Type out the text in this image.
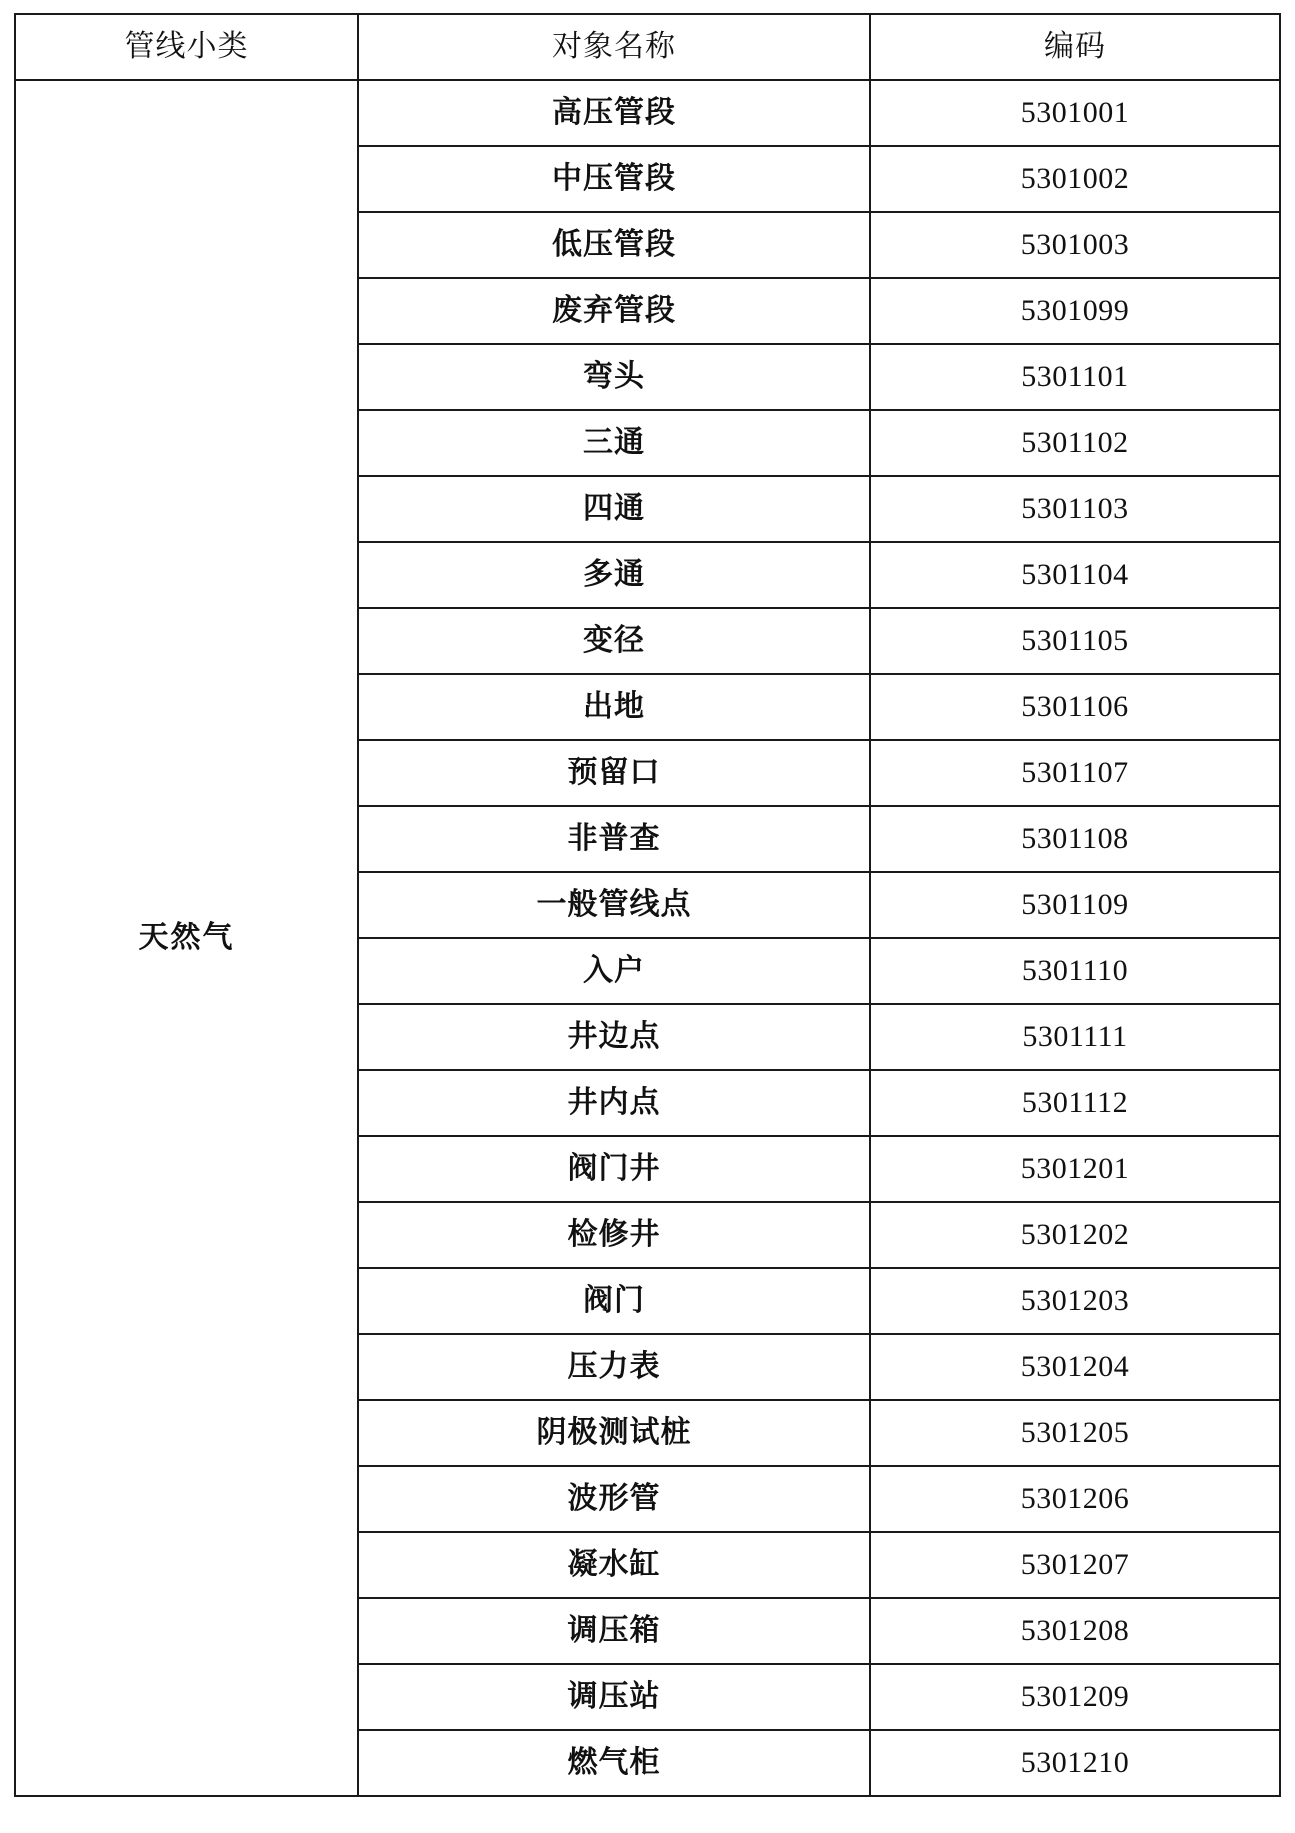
管线小类	对象名称	编码
天然气	高压管段	5301001
	中压管段	5301002
	低压管段	5301003
	废弃管段	5301099
	弯头	5301101
	三通	5301102
	四通	5301103
	多通	5301104
	变径	5301105
	出地	5301106
	预留口	5301107
	非普查	5301108
	一般管线点	5301109
	入户	5301110
	井边点	5301111
	井内点	5301112
	阀门井	5301201
	检修井	5301202
	阀门	5301203
	压力表	5301204
	阴极测试桩	5301205
	波形管	5301206
	凝水缸	5301207
	调压箱	5301208
	调压站	5301209
	燃气柜	5301210
